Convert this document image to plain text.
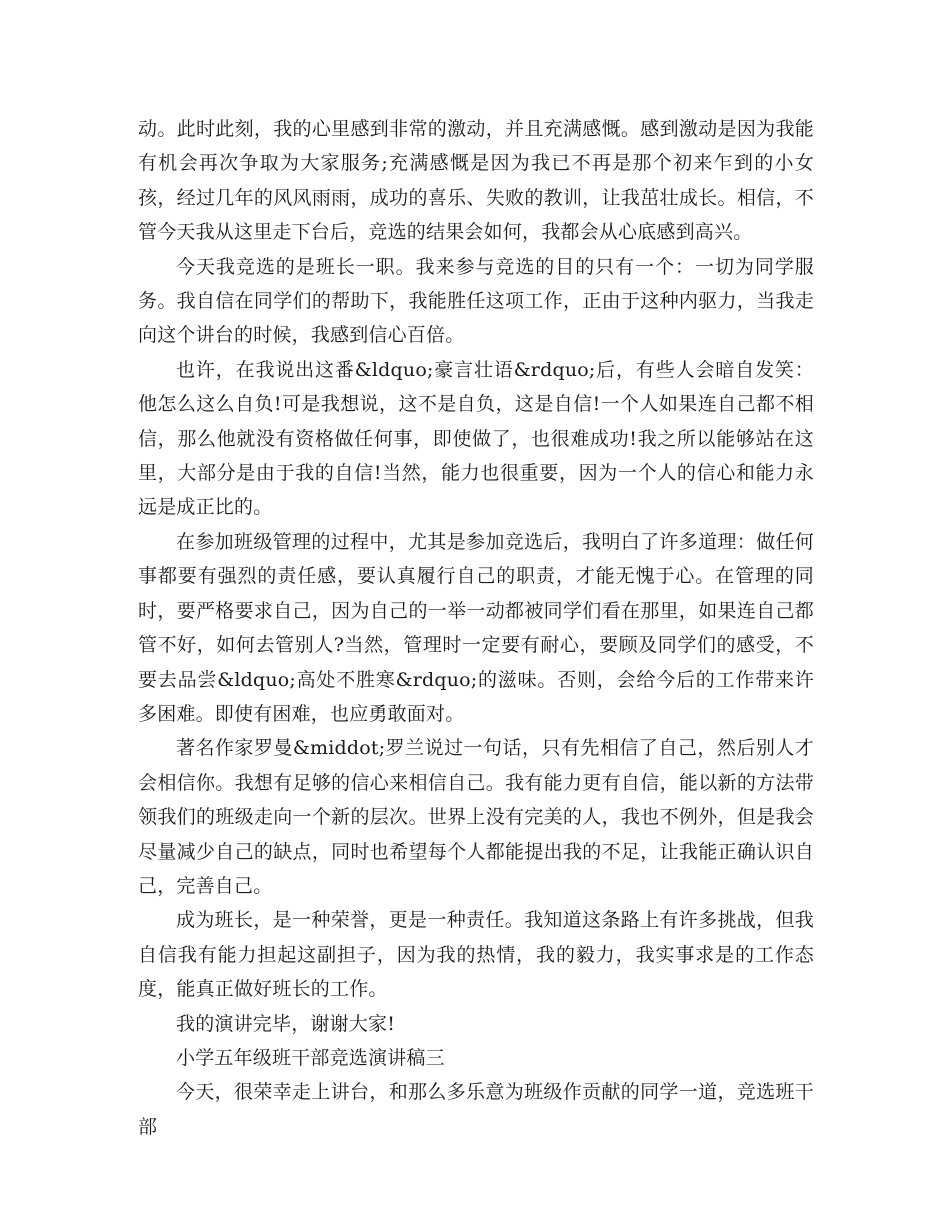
动。此时此刻，我的心里感到非常的激动，并且充满感慨。感到激动是因为我能有机会再次争取为大家服务;充满感慨是因为我已不再是那个初来乍到的小女孩，经过几年的风风雨雨，成功的喜乐、失败的教训，让我茁壮成长。相信，不管今天我从这里走下台后，竞选的结果会如何，我都会从心底感到高兴。

今天我竞选的是班长一职。我来参与竞选的目的只有一个：一切为同学服务。我自信在同学们的帮助下，我能胜任这项工作，正由于这种内驱力，当我走向这个讲台的时候，我感到信心百倍。

也许，在我说出这番&ldquo;豪言壮语&rdquo;后，有些人会暗自发笑：他怎么这么自负!可是我想说，这不是自负，这是自信!一个人如果连自己都不相信，那么他就没有资格做任何事，即使做了，也很难成功!我之所以能够站在这里，大部分是由于我的自信!当然，能力也很重要，因为一个人的信心和能力永远是成正比的。

在参加班级管理的过程中，尤其是参加竞选后，我明白了许多道理：做任何事都要有强烈的责任感，要认真履行自己的职责，才能无愧于心。在管理的同时，要严格要求自己，因为自己的一举一动都被同学们看在那里，如果连自己都管不好，如何去管别人?当然，管理时一定要有耐心，要顾及同学们的感受，不要去品尝&ldquo;高处不胜寒&rdquo;的滋味。否则，会给今后的工作带来许多困难。即使有困难，也应勇敢面对。

著名作家罗曼&middot;罗兰说过一句话，只有先相信了自己，然后别人才会相信你。我想有足够的信心来相信自己。我有能力更有自信，能以新的方法带领我们的班级走向一个新的层次。世界上没有完美的人，我也不例外，但是我会尽量减少自己的缺点，同时也希望每个人都能提出我的不足，让我能正确认识自己，完善自己。

成为班长，是一种荣誉，更是一种责任。我知道这条路上有许多挑战，但我自信我有能力担起这副担子，因为我的热情，我的毅力，我实事求是的工作态度，能真正做好班长的工作。

我的演讲完毕，谢谢大家!

小学五年级班干部竞选演讲稿三

今天，很荣幸走上讲台，和那么多乐意为班级作贡献的同学一道，竞选班干部
